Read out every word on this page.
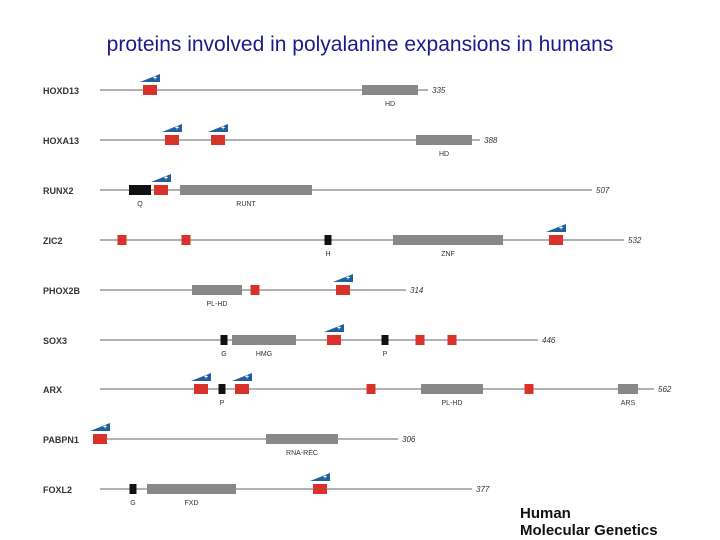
proteins involved in polyalanine expansions in humans
HOXD13	335
HD
+
HOXA13	388
HD
+	+
RUNX2	507
RUNT
Q
+
ZIC2	532
ZNF
H
+
PHOX2B	314
PL-HD
+
SOX3	446
HMG
G	P
+
ARX	562
PL-HD	ARS
P
+	+
PABPN1	306
RNA-REC
+
FOXL2	377
FXD
G
+
Human
Molecular Genetics
